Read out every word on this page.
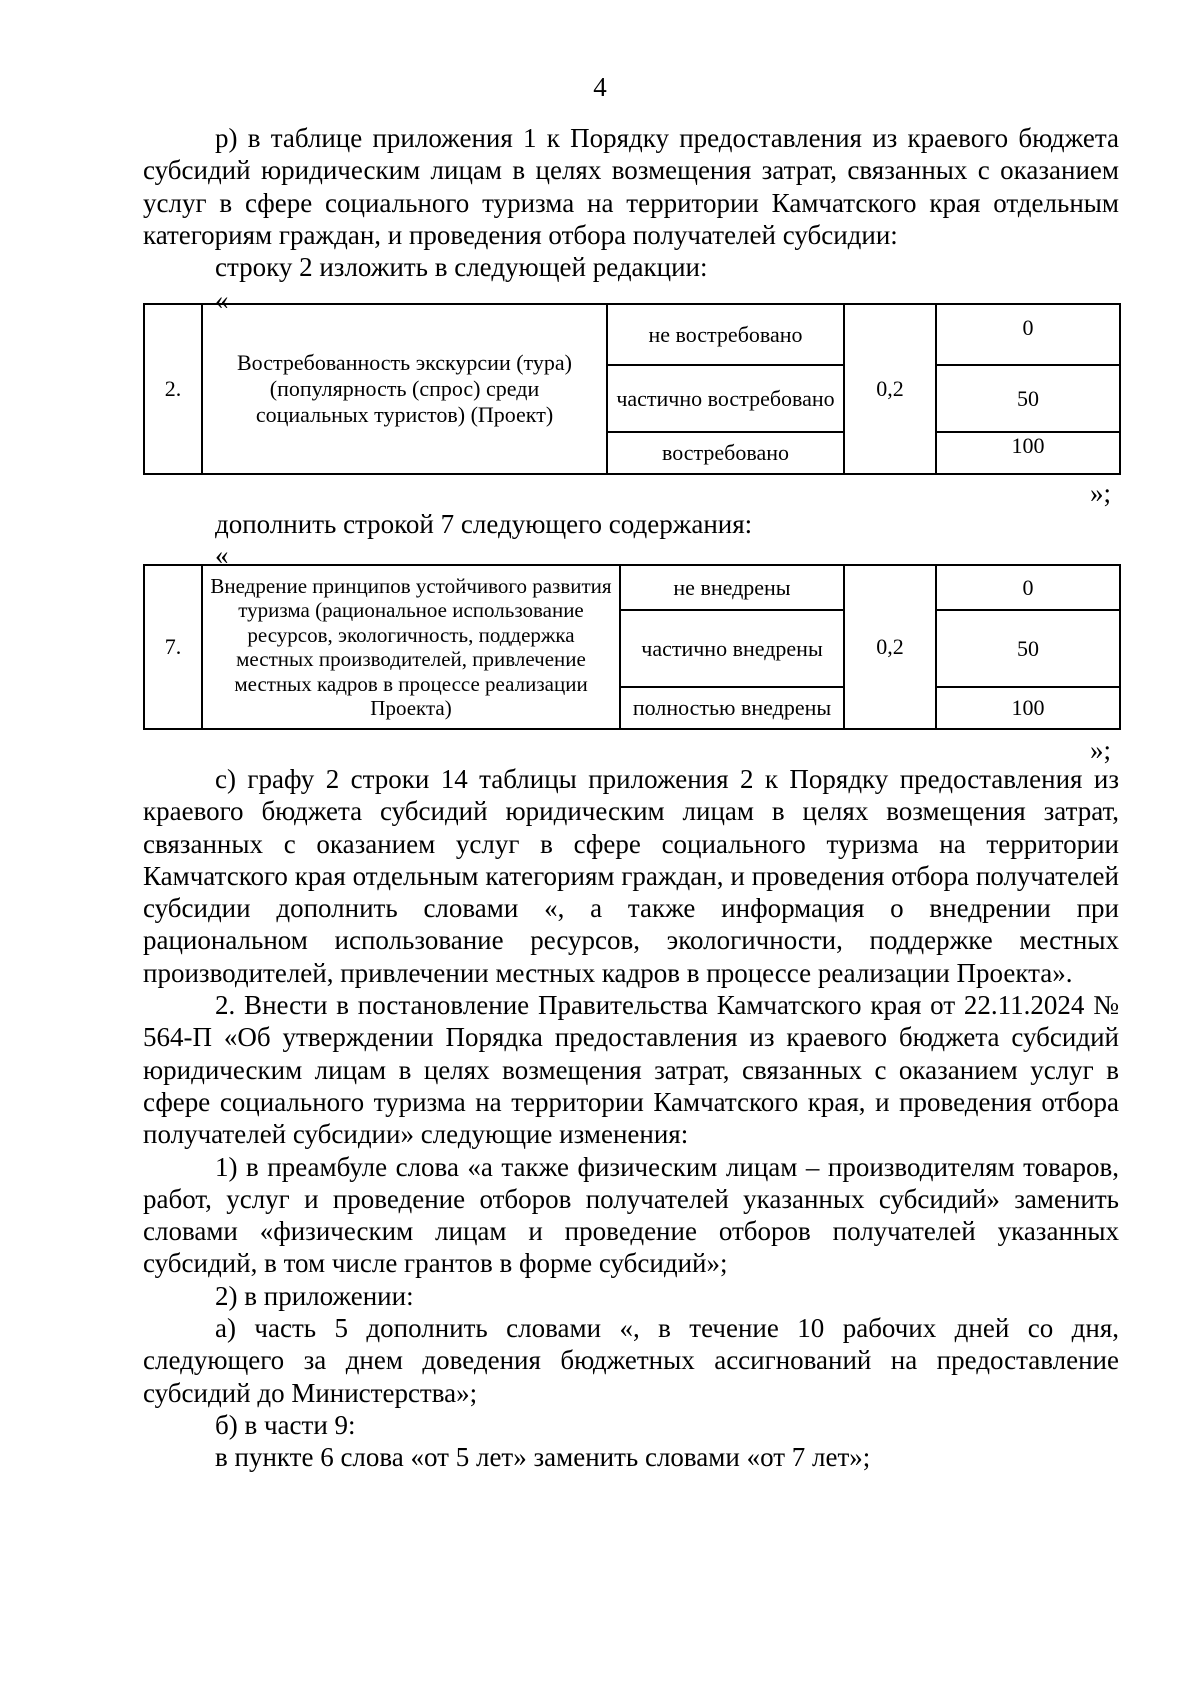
4

р) в таблице приложения 1 к Порядку предоставления из краевого бюджета субсидий юридическим лицам в целях возмещения затрат, связанных с оказанием услуг в сфере социального туризма на территории Камчатского края отдельным категориям граждан, и проведения отбора получателей субсидии:

строку 2 изложить в следующей редакции:

«
2.	Востребованность экскурсии (тура) (популярность (спрос) среди социальных туристов) (Проект)	не востребовано	0,2	0
		частично востребовано		50
		востребовано		100
»;

дополнить строкой 7 следующего содержания:

«
7.	Внедрение принципов устойчивого развития туризма (рациональное использование ресурсов, экологичность, поддержка местных производителей, привлечение местных кадров в процессе реализации Проекта)	не внедрены	0,2	0
		частично внедрены		50
		полностью внедрены		100
»;

с) графу 2 строки 14 таблицы приложения 2 к Порядку предоставления из краевого бюджета субсидий юридическим лицам в целях возмещения затрат, связанных с оказанием услуг в сфере социального туризма на территории Камчатского края отдельным категориям граждан, и проведения отбора получателей субсидии дополнить словами «, а также информация о внедрении при рациональном использование ресурсов, экологичности, поддержке местных производителей, привлечении местных кадров в процессе реализации Проекта».

2. Внести в постановление Правительства Камчатского края от 22.11.2024 № 564-П «Об утверждении Порядка предоставления из краевого бюджета субсидий юридическим лицам в целях возмещения затрат, связанных с оказанием услуг в сфере социального туризма на территории Камчатского края, и проведения отбора получателей субсидии» следующие изменения:

1) в преамбуле слова «а также физическим лицам – производителям товаров, работ, услуг и проведение отборов получателей указанных субсидий» заменить словами «физическим лицам и проведение отборов получателей указанных субсидий, в том числе грантов в форме субсидий»;

2) в приложении:

а) часть 5 дополнить словами «, в течение 10 рабочих дней со дня, следующего за днем доведения бюджетных ассигнований на предоставление субсидий до Министерства»;

б) в части 9:

в пункте 6 слова «от 5 лет» заменить словами «от 7 лет»;
